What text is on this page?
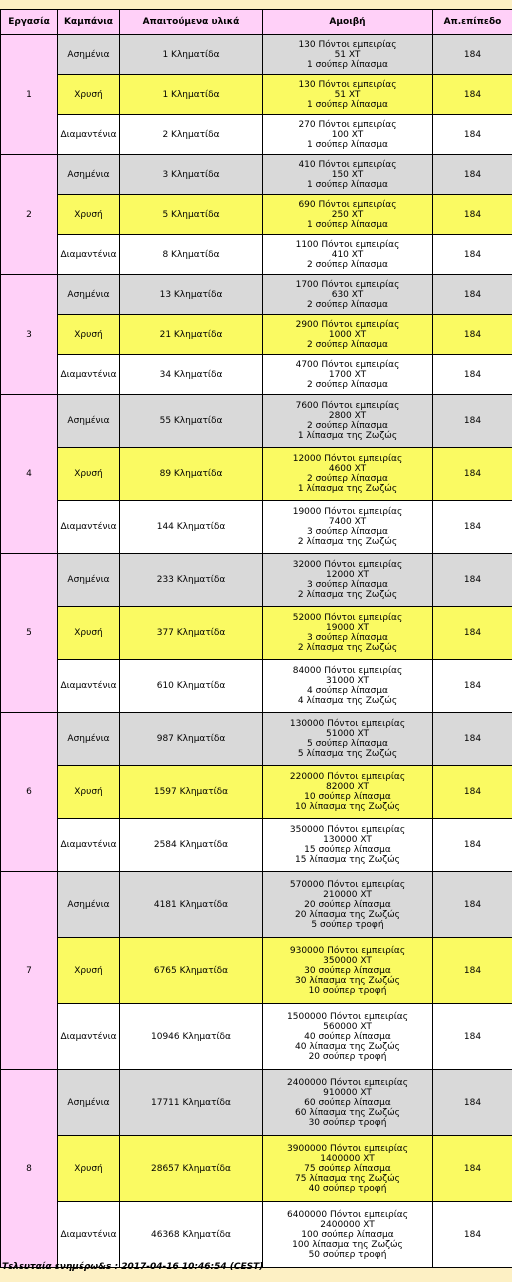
Εργασία	Καμπάνια	Απαιτούμενα υλικά	Αμοιβή	Απ.επίπεδο
1	Ασημένια	1 Κληματίδα	130 Πόντοι εμπειρίας
51 XT
1 σούπερ λίπασμα	184
	Χρυσή	1 Κληματίδα	130 Πόντοι εμπειρίας
51 XT
1 σούπερ λίπασμα	184
	Διαμαντένια	2 Κληματίδα	270 Πόντοι εμπειρίας
100 XT
1 σούπερ λίπασμα	184
2	Ασημένια	3 Κληματίδα	410 Πόντοι εμπειρίας
150 XT
1 σούπερ λίπασμα	184
	Χρυσή	5 Κληματίδα	690 Πόντοι εμπειρίας
250 XT
1 σούπερ λίπασμα	184
	Διαμαντένια	8 Κληματίδα	1100 Πόντοι εμπειρίας
410 XT
2 σούπερ λίπασμα	184
3	Ασημένια	13 Κληματίδα	1700 Πόντοι εμπειρίας
630 XT
2 σούπερ λίπασμα	184
	Χρυσή	21 Κληματίδα	2900 Πόντοι εμπειρίας
1000 XT
2 σούπερ λίπασμα	184
	Διαμαντένια	34 Κληματίδα	4700 Πόντοι εμπειρίας
1700 XT
2 σούπερ λίπασμα	184
4	Ασημένια	55 Κληματίδα	7600 Πόντοι εμπειρίας
2800 XT
2 σούπερ λίπασμα
1 λίπασμα της Ζωζώς	184
	Χρυσή	89 Κληματίδα	12000 Πόντοι εμπειρίας
4600 XT
2 σούπερ λίπασμα
1 λίπασμα της Ζωζώς	184
	Διαμαντένια	144 Κληματίδα	19000 Πόντοι εμπειρίας
7400 XT
3 σούπερ λίπασμα
2 λίπασμα της Ζωζώς	184
5	Ασημένια	233 Κληματίδα	32000 Πόντοι εμπειρίας
12000 XT
3 σούπερ λίπασμα
2 λίπασμα της Ζωζώς	184
	Χρυσή	377 Κληματίδα	52000 Πόντοι εμπειρίας
19000 XT
3 σούπερ λίπασμα
2 λίπασμα της Ζωζώς	184
	Διαμαντένια	610 Κληματίδα	84000 Πόντοι εμπειρίας
31000 XT
4 σούπερ λίπασμα
4 λίπασμα της Ζωζώς	184
6	Ασημένια	987 Κληματίδα	130000 Πόντοι εμπειρίας
51000 XT
5 σούπερ λίπασμα
5 λίπασμα της Ζωζώς	184
	Χρυσή	1597 Κληματίδα	220000 Πόντοι εμπειρίας
82000 XT
10 σούπερ λίπασμα
10 λίπασμα της Ζωζώς	184
	Διαμαντένια	2584 Κληματίδα	350000 Πόντοι εμπειρίας
130000 XT
15 σούπερ λίπασμα
15 λίπασμα της Ζωζώς	184
7	Ασημένια	4181 Κληματίδα	570000 Πόντοι εμπειρίας
210000 XT
20 σούπερ λίπασμα
20 λίπασμα της Ζωζώς
5 σούπερ τροφή	184
	Χρυσή	6765 Κληματίδα	930000 Πόντοι εμπειρίας
350000 XT
30 σούπερ λίπασμα
30 λίπασμα της Ζωζώς
10 σούπερ τροφή	184
	Διαμαντένια	10946 Κληματίδα	1500000 Πόντοι εμπειρίας
560000 XT
40 σούπερ λίπασμα
40 λίπασμα της Ζωζώς
20 σούπερ τροφή	184
8	Ασημένια	17711 Κληματίδα	2400000 Πόντοι εμπειρίας
910000 XT
60 σούπερ λίπασμα
60 λίπασμα της Ζωζώς
30 σούπερ τροφή	184
	Χρυσή	28657 Κληματίδα	3900000 Πόντοι εμπειρίας
1400000 XT
75 σούπερ λίπασμα
75 λίπασμα της Ζωζώς
40 σούπερ τροφή	184
	Διαμαντένια	46368 Κληματίδα	6400000 Πόντοι εμπειρίας
2400000 XT
100 σούπερ λίπασμα
100 λίπασμα της Ζωζώς
50 σούπερ τροφή	184
Τελευταία ενημέρω&s : 2017-04-16 10:46:54 (CEST)
